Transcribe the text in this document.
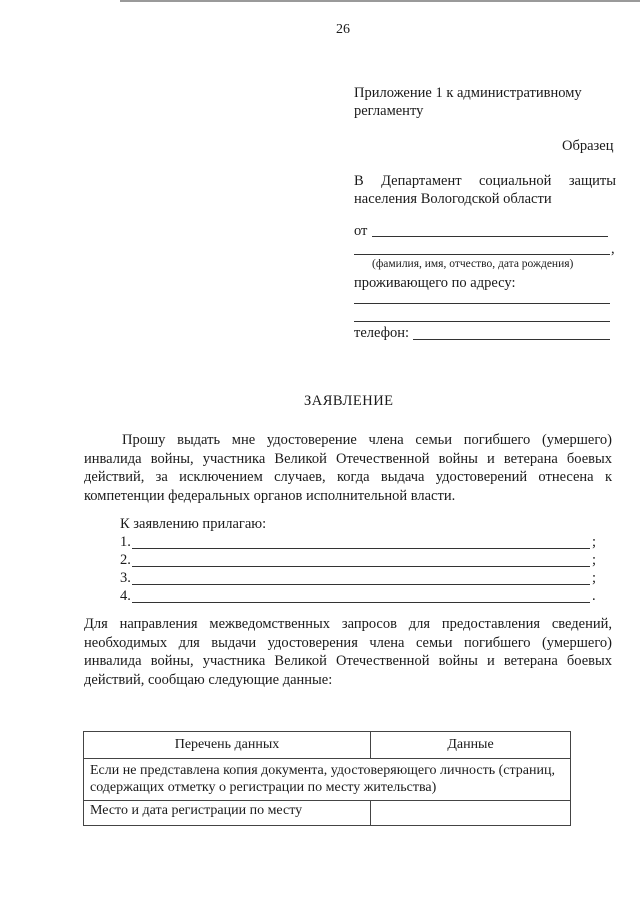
26
Приложение 1 к административному
регламенту
Образец
В Департамент социальной защиты
населения Вологодской области
от
,
(фамилия, имя, отчество, дата рождения)
проживающего по адресу:
телефон:
ЗАЯВЛЕНИЕ
Прошу выдать мне удостоверение члена семьи погибшего (умершего)
инвалида войны, участника Великой Отечественной войны и ветерана боевых
действий, за исключением случаев, когда выдача удостоверений отнесена к
компетенции федеральных органов исполнительной власти.
К заявлению прилагаю:
1.	;
2.	;
3.	;
4.	.
Для направления межведомственных запросов для предоставления сведений,
необходимых для выдачи удостоверения члена семьи погибшего (умершего)
инвалида войны, участника Великой Отечественной войны и ветерана боевых
действий, сообщаю следующие данные:
Перечень данных	Данные
Если не представлена копия документа, удостоверяющего личность (страниц, содержащих отметку о регистрации по месту жительства)	
Место и дата регистрации по месту	
